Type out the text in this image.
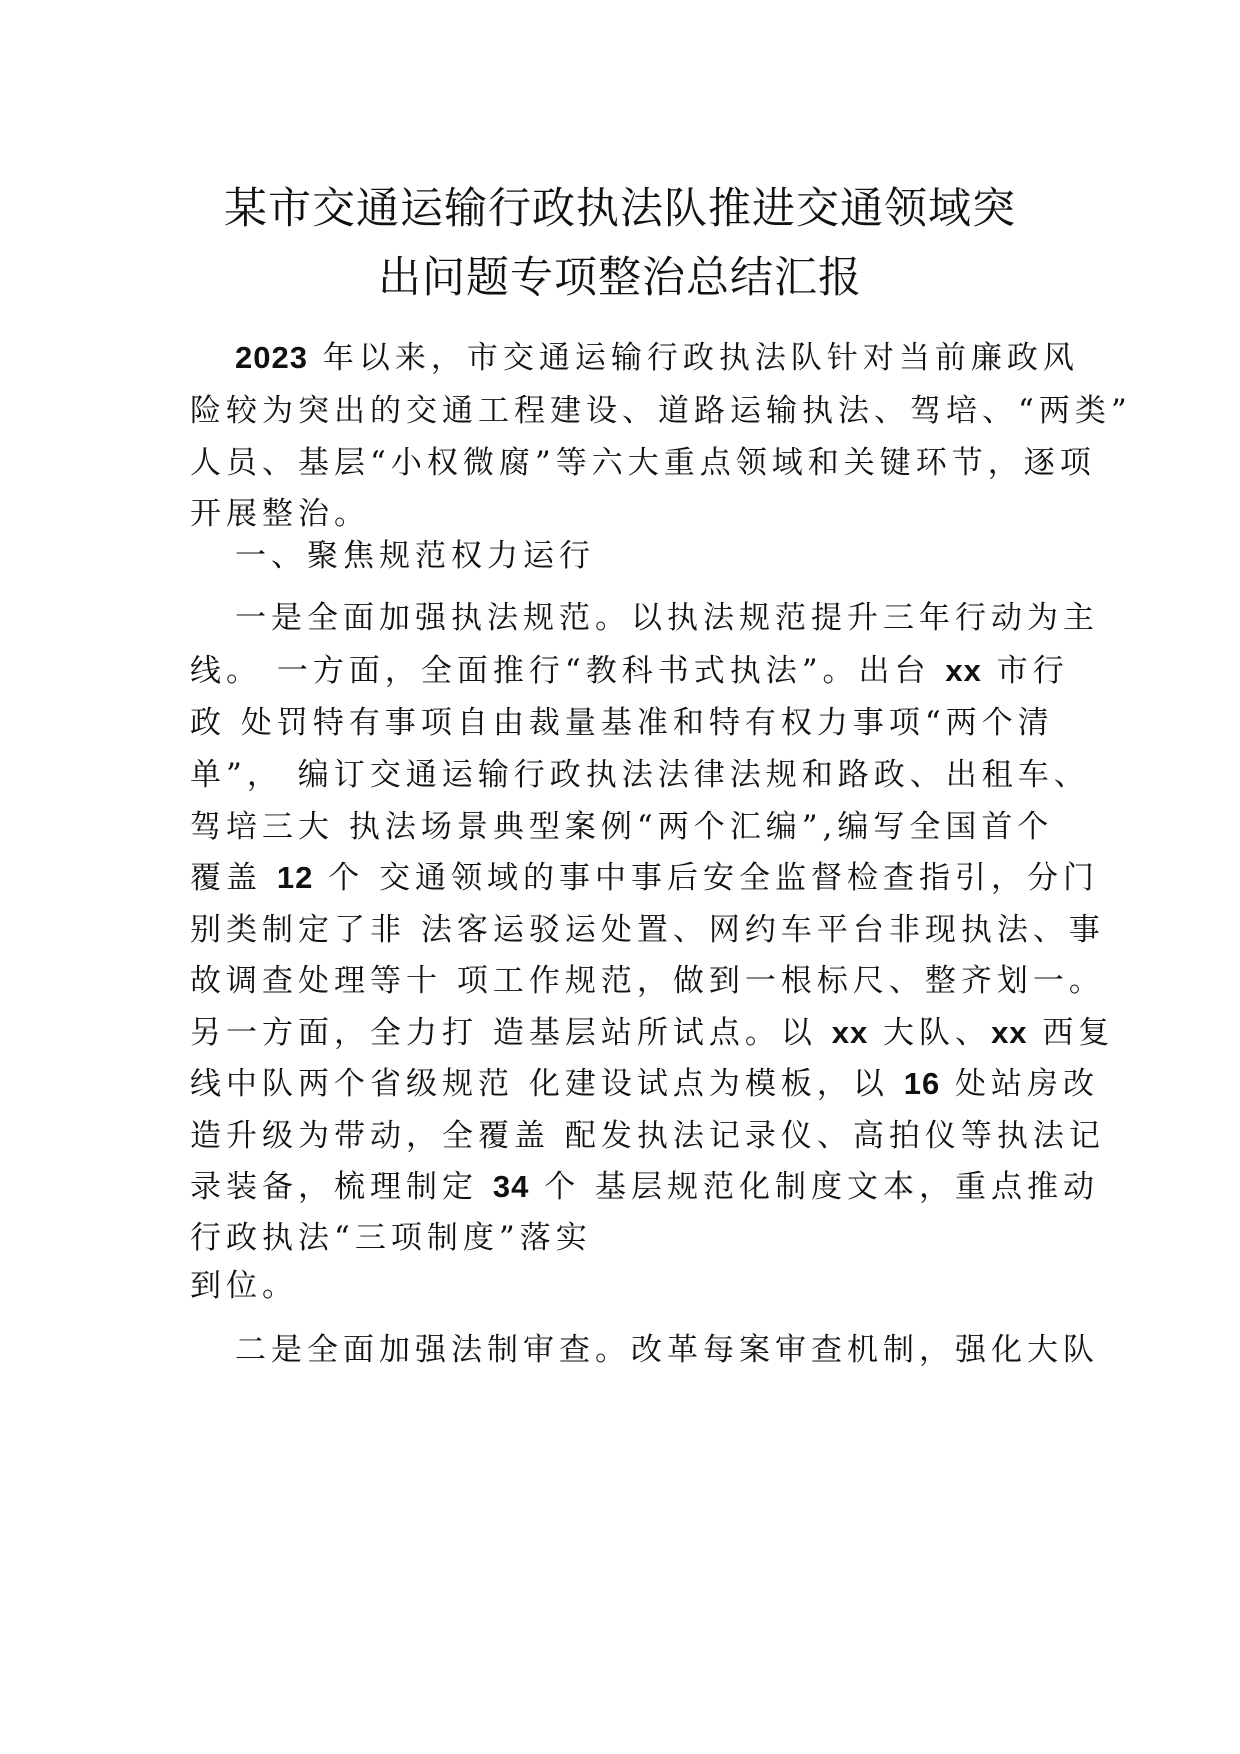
某市交通运输行政执法队推进交通领域突
出问题专项整治总结汇报
2023 年以来，市交通运输行政执法队针对当前廉政风
险较为突出的交通工程建设、道路运输执法、驾培、“两类”
人员、基层“小权微腐”等六大重点领域和关键环节，逐项
开展整治。
一、聚焦规范权力运行
一是全面加强执法规范。以执法规范提升三年行动为主
线。 一方面，全面推行“教科书式执法”。出台 xx 市行
政 处罚特有事项自由裁量基准和特有权力事项“两个清
单”， 编订交通运输行政执法法律法规和路政、出租车、
驾培三大 执法场景典型案例“两个汇编”,编写全国首个
覆盖 12 个 交通领域的事中事后安全监督检查指引，分门
别类制定了非 法客运驳运处置、网约车平台非现执法、事
故调查处理等十 项工作规范，做到一根标尺、整齐划一。
另一方面，全力打 造基层站所试点。以 xx 大队、xx 西复
线中队两个省级规范 化建设试点为模板，以 16 处站房改
造升级为带动，全覆盖 配发执法记录仪、高拍仪等执法记
录装备，梳理制定 34 个 基层规范化制度文本，重点推动
行政执法“三项制度”落实
到位。
二是全面加强法制审查。改革每案审查机制，强化大队
